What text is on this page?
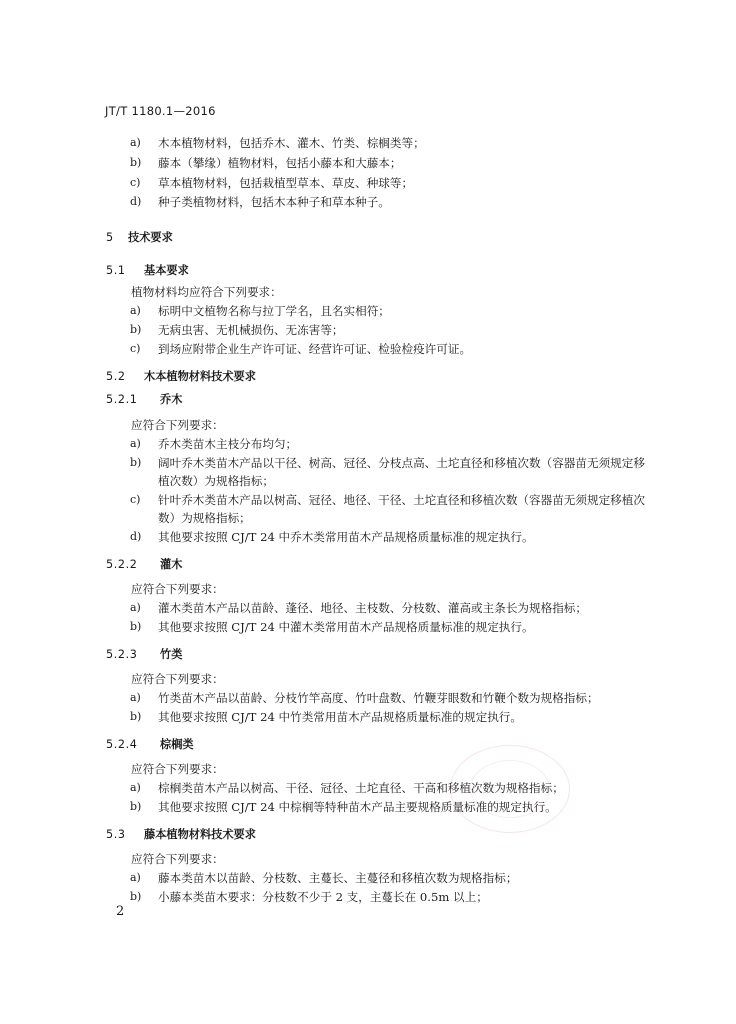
JT/T 1180.1—2016
a)	木本植物材料，包括乔木、灌木、竹类、棕榈类等；
b)	藤本（攀缘）植物材料，包括小藤本和大藤本；
c)	草本植物材料，包括栽植型草本、草皮、种球等；
d)	种子类植物材料，包括木本种子和草本种子。
5 技术要求
5.1 基本要求
植物材料均应符合下列要求：
a)	标明中文植物名称与拉丁学名，且名实相符；
b)	无病虫害、无机械损伤、无冻害等；
c)	到场应附带企业生产许可证、经营许可证、检验检疫许可证。
5.2 木本植物材料技术要求
5.2.1 乔木
应符合下列要求：
a)	乔木类苗木主枝分布均匀；
b)	阔叶乔木类苗木产品以干径、树高、冠径、分枝点高、土坨直径和移植次数（容器苗无须规定移
植次数）为规格指标；
c)	针叶乔木类苗木产品以树高、冠径、地径、干径、土坨直径和移植次数（容器苗无须规定移植次
数）为规格指标；
d)	其他要求按照 CJ/T 24 中乔木类常用苗木产品规格质量标准的规定执行。
5.2.2 灌木
应符合下列要求：
a)	灌木类苗木产品以苗龄、蓬径、地径、主枝数、分枝数、灌高或主条长为规格指标；
b)	其他要求按照 CJ/T 24 中灌木类常用苗木产品规格质量标准的规定执行。
5.2.3 竹类
应符合下列要求：
a)	竹类苗木产品以苗龄、分枝竹竿高度、竹叶盘数、竹鞭芽眼数和竹鞭个数为规格指标；
b)	其他要求按照 CJ/T 24 中竹类常用苗木产品规格质量标准的规定执行。
5.2.4 棕榈类
应符合下列要求：
a)	棕榈类苗木产品以树高、干径、冠径、土坨直径、干高和移植次数为规格指标；
b)	其他要求按照 CJ/T 24 中棕榈等特种苗木产品主要规格质量标准的规定执行。
5.3 藤本植物材料技术要求
应符合下列要求：
a)	藤本类苗木以苗龄、分枝数、主蔓长、主蔓径和移植次数为规格指标；
b)	小藤本类苗木要求：分枝数不少于 2 支，主蔓长在 0.5m 以上；
2
